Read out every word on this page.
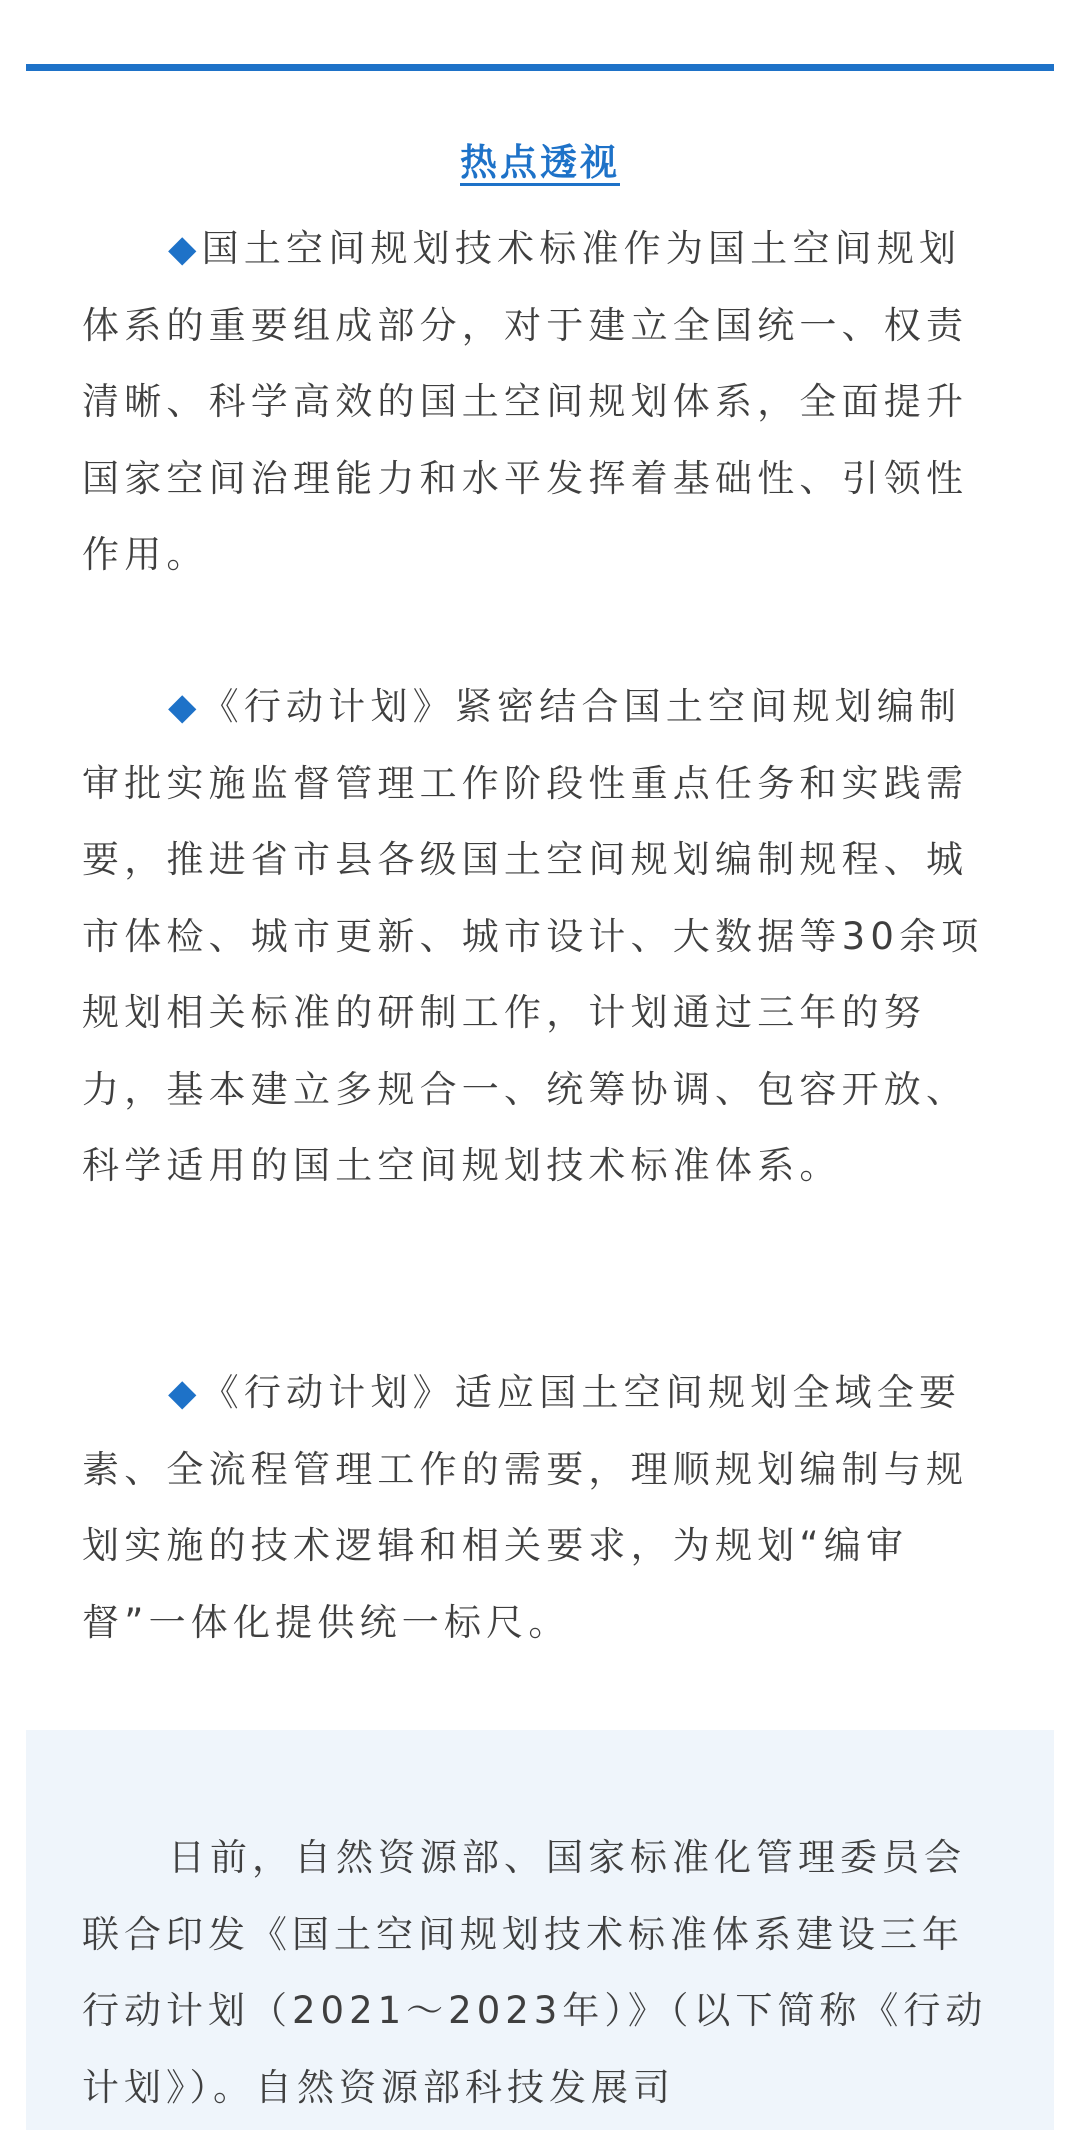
热点透视

◆国土空间规划技术标准作为国土空间规划体系的重要组成部分，对于建立全国统一、权责清晰、科学高效的国土空间规划体系，全面提升国家空间治理能力和水平发挥着基础性、引领性作用。

◆《行动计划》紧密结合国土空间规划编制审批实施监督管理工作阶段性重点任务和实践需要，推进省市县各级国土空间规划编制规程、城市体检、城市更新、城市设计、大数据等30余项规划相关标准的研制工作，计划通过三年的努力，基本建立多规合一、统筹协调、包容开放、科学适用的国土空间规划技术标准体系。

◆《行动计划》适应国土空间规划全域全要素、全流程管理工作的需要，理顺规划编制与规划实施的技术逻辑和相关要求，为规划“编审督”一体化提供统一标尺。

日前，自然资源部、国家标准化管理委员会联合印发《国土空间规划技术标准体系建设三年行动计划（2021～2023年）》（以下简称《行动计划》）。自然资源部科技发展司
